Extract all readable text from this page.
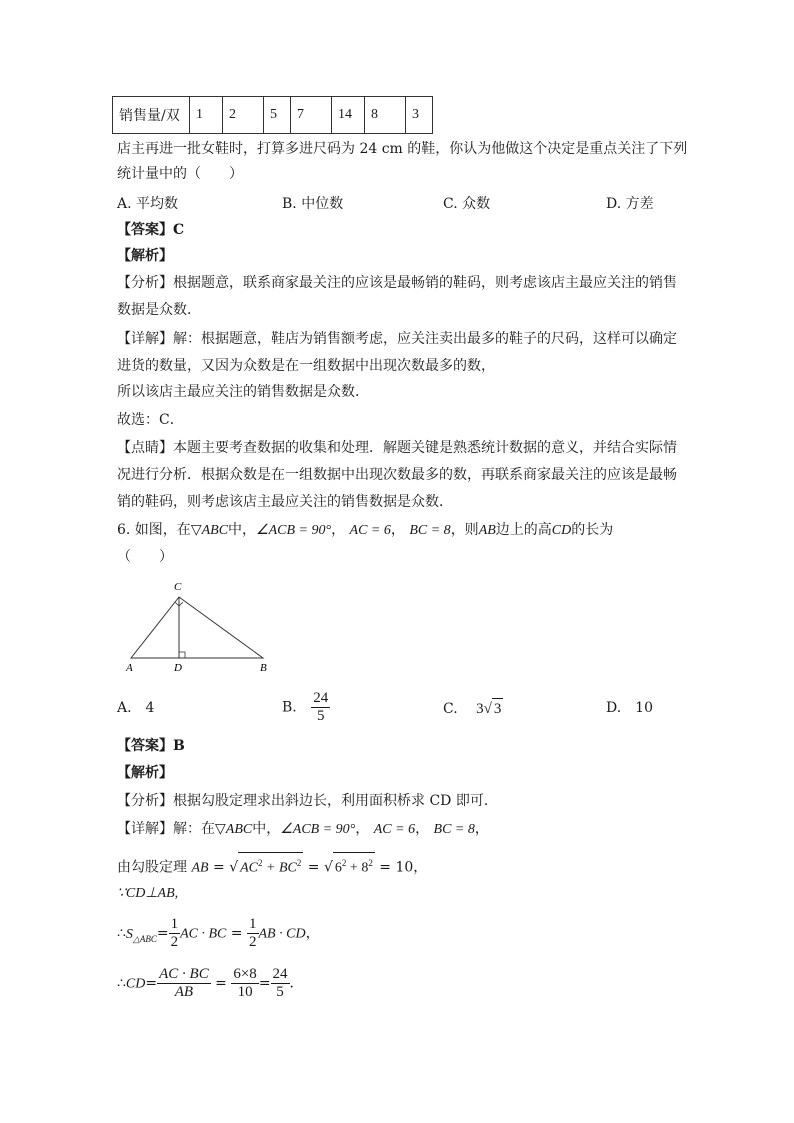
销售量/双	1	2	5	7	14	8	3
店主再进一批女鞋时，打算多进尺码为 24 cm 的鞋，你认为他做这个决定是重点关注了下列
统计量中的（　　）
A. 平均数	B. 中位数	C. 众数	D. 方差
【答案】C
【解析】
【分析】根据题意，联系商家最关注的应该是最畅销的鞋码，则考虑该店主最应关注的销售
数据是众数．
【详解】解：根据题意，鞋店为销售额考虑，应关注卖出最多的鞋子的尺码，这样可以确定
进货的数量，又因为众数是在一组数据中出现次数最多的数，
所以该店主最应关注的销售数据是众数．
故选：C．
【点睛】本题主要考查数据的收集和处理．解题关键是熟悉统计数据的意义，并结合实际情
况进行分析．根据众数是在一组数据中出现次数最多的数，再联系商家最关注的应该是最畅
销的鞋码，则考虑该店主最应关注的销售数据是众数．
6. 如图，在▽ABC中，∠ACB = 90°， AC = 6， BC = 8，则AB边上的高CD的长为
（　　）
C
A	D	B
A.　4	B. $\frac{24}{5}$	C. 3√ 3	D.　10
【答案】B
【解析】
【分析】根据勾股定理求出斜边长，利用面积桥求 CD 即可．
【详解】解：在▽ABC中，∠ACB = 90°， AC = 6， BC = 8，
由勾股定理 AB = √ $AC^2 + BC^2$ = √ $6^2 + 8^2 = 10$，
∵CD⊥AB,
$\therefore S_{\triangle ABC}= \frac{1}{2}$ AC · BC = $\frac{1}{2}$ AB · CD，
∴CD= $\frac{AC \cdot BC}{AB} = \frac{6\times 8}{10} = \frac{24}{5}$ ．
